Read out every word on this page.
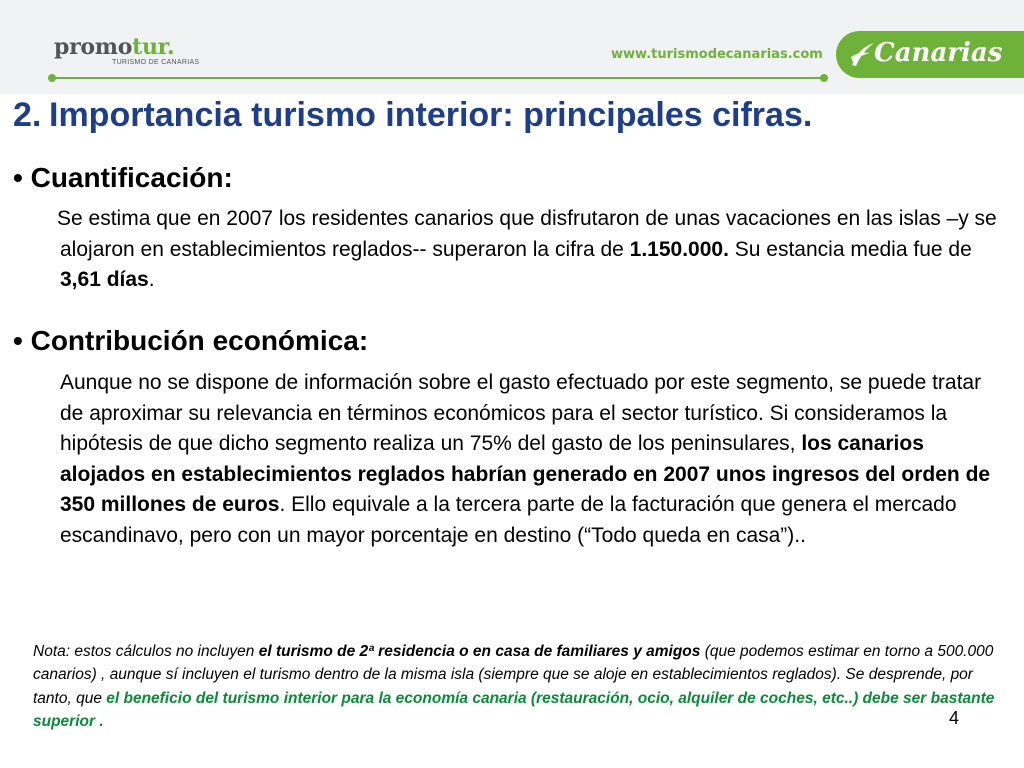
promotur.
TURISMO DE CANARIAS
www.turismodecanarias.com Canarias
2. Importancia turismo interior: principales cifras.
• Cuantificación:
Se estima que en 2007 los residentes canarios que disfrutaron de unas vacaciones en las islas –y se alojaron en establecimientos reglados-- superaron la cifra de 1.150.000. Su estancia media fue de 3,61 días.
• Contribución económica:
Aunque no se dispone de información sobre el gasto efectuado por este segmento, se puede tratar de aproximar su relevancia en términos económicos para el sector turístico. Si consideramos la hipótesis de que dicho segmento realiza un 75% del gasto de los peninsulares, los canarios alojados en establecimientos reglados habrían generado en 2007 unos ingresos del orden de 350 millones de euros. Ello equivale a la tercera parte de la facturación que genera el mercado escandinavo, pero con un mayor porcentaje en destino (“Todo queda en casa”)..
Nota: estos cálculos no incluyen el turismo de 2ª residencia o en casa de familiares y amigos (que podemos estimar en torno a 500.000 canarios) , aunque sí incluyen el turismo dentro de la misma isla (siempre que se aloje en establecimientos reglados). Se desprende, por tanto, que el beneficio del turismo interior para la economía canaria (restauración, ocio, alquiler de coches, etc..) debe ser bastante superior .	4
